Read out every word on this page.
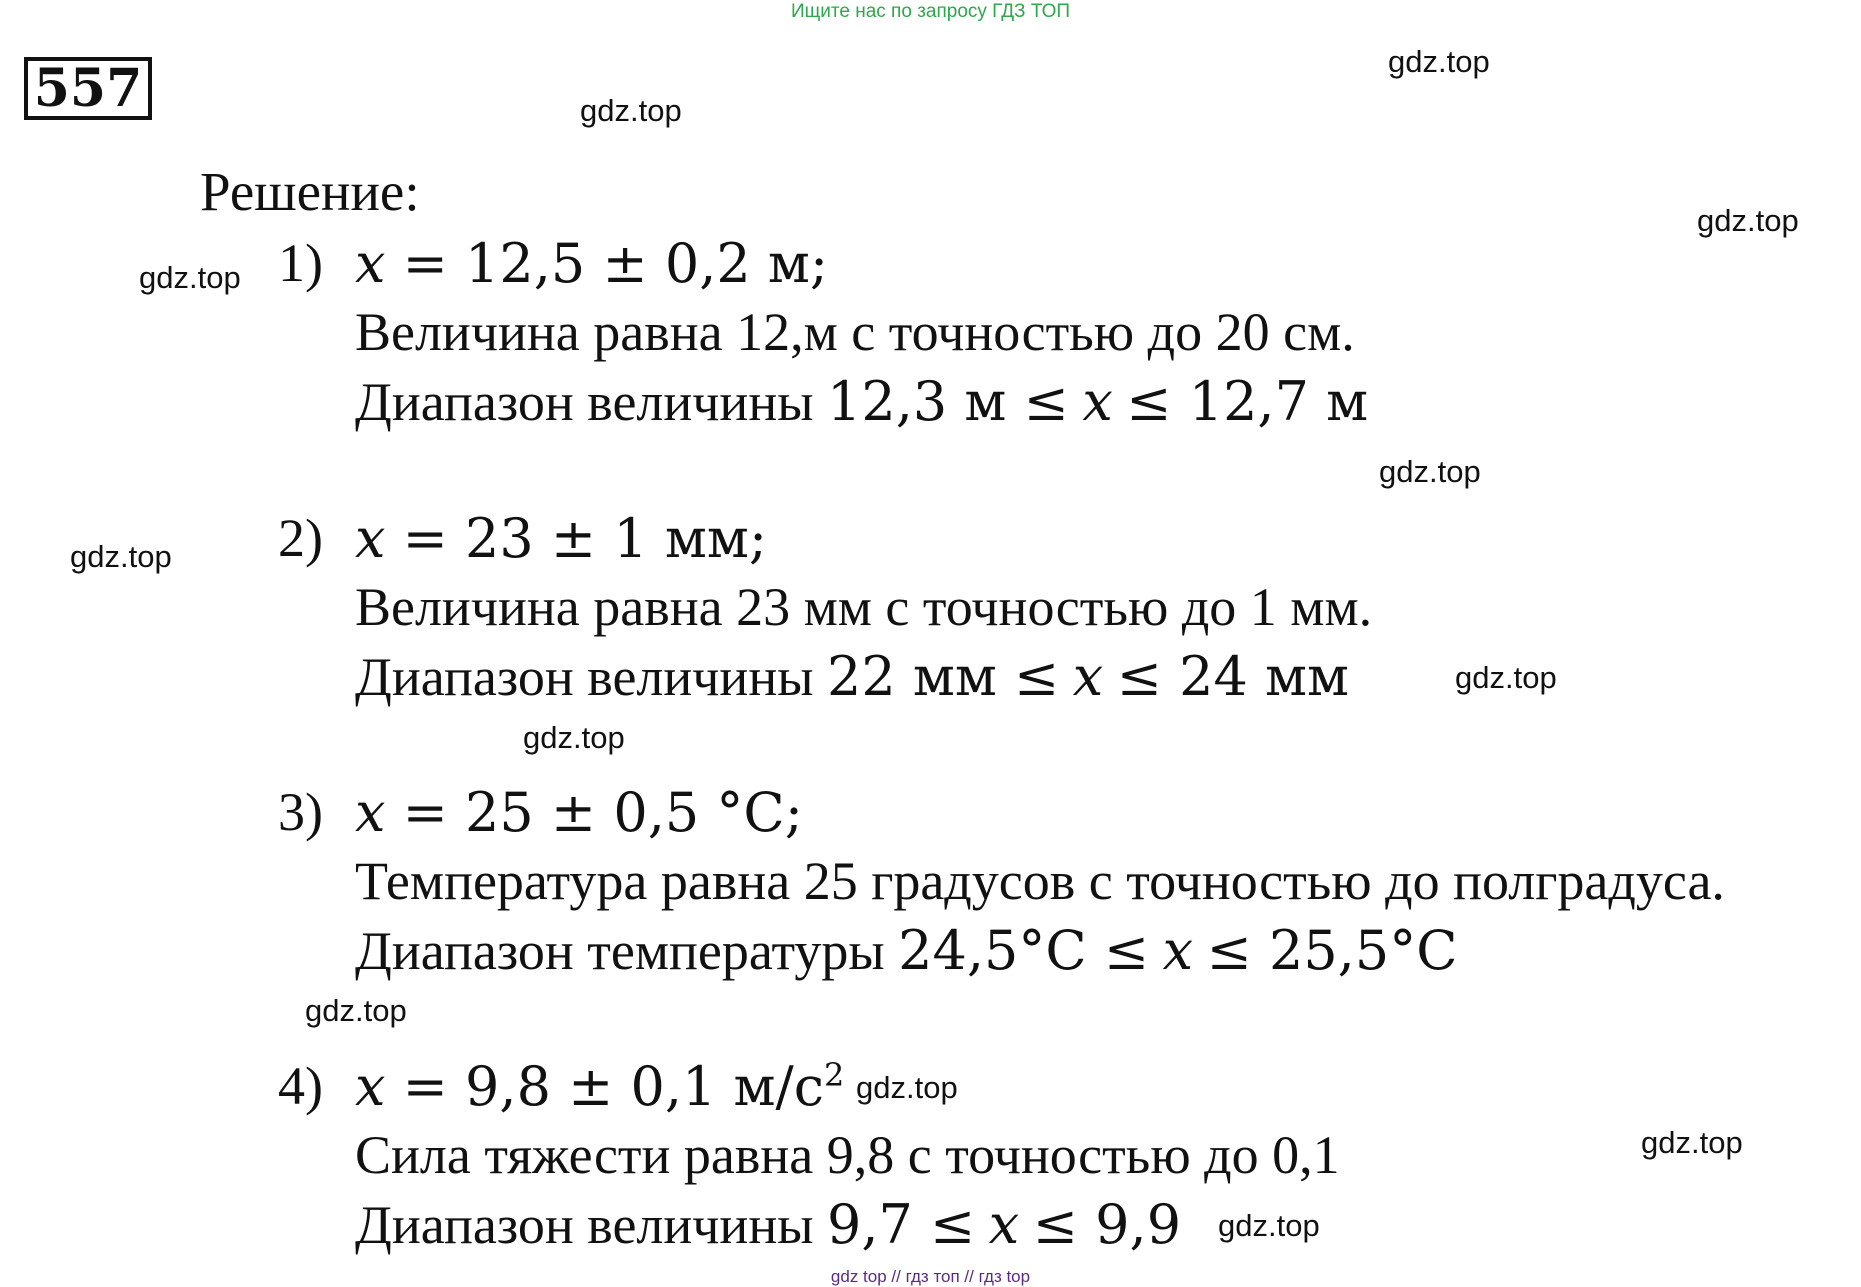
Ищите нас по запросу ГДЗ ТОП
557	gdz.top
gdz.top
gdz.top
gdz.top
gdz.top
gdz.top
gdz.top
gdz.top
gdz.top
gdz.top
gdz.top
gdz.top
Решение:
1) x = 12,5 ± 0,2 м;
Величина равна 12,м с точностью до 20 см.
Диапазон величины 12,3 м ≤ x ≤ 12,7 м
2) x = 23 ± 1 мм;
Величина равна 23 мм с точностью до 1 мм.
Диапазон величины 22 мм ≤ x ≤ 24 мм
3) x = 25 ± 0,5 °С;
Температура равна 25 градусов с точностью до полградуса.
Диапазон температуры 24,5°С ≤ x ≤ 25,5°С
4) x = 9,8 ± 0,1 $м/с^2$
Сила тяжести равна 9,8 с точностью до 0,1
Диапазон величины 9,7 ≤ x ≤ 9,9
gdz top // гдз топ // гдз top
